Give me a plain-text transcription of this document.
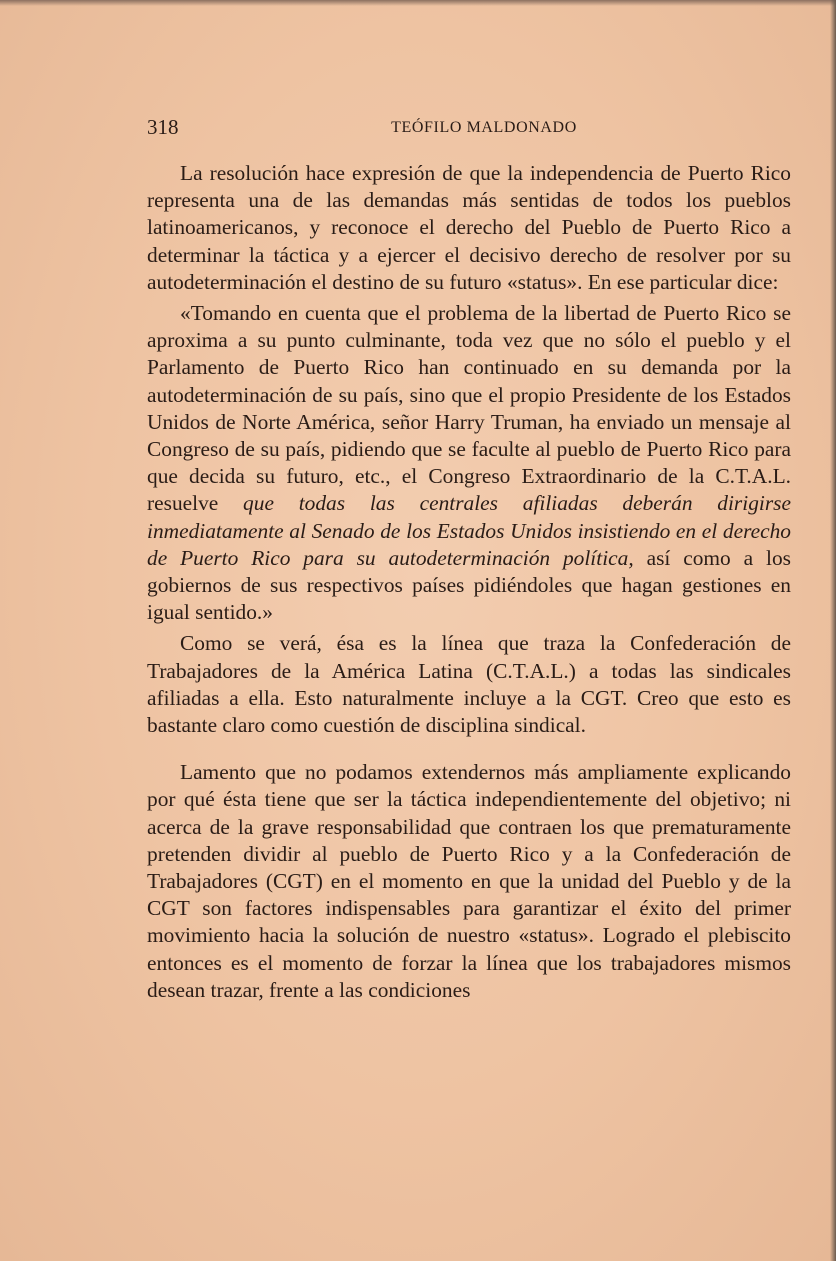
318	TEÓFILO MALDONADO

La resolución hace expresión de que la independencia de Puerto Rico representa una de las demandas más sentidas de todos los pueblos latinoamericanos, y reconoce el derecho del Pueblo de Puerto Rico a determinar la táctica y a ejercer el decisivo derecho de resolver por su autodeterminación el destino de su futuro «status». En ese particular dice:

«Tomando en cuenta que el problema de la libertad de Puerto Rico se aproxima a su punto culminante, toda vez que no sólo el pueblo y el Parlamento de Puerto Rico han continuado en su demanda por la autodeterminación de su país, sino que el propio Presidente de los Estados Unidos de Norte América, señor Harry Truman, ha enviado un mensaje al Congreso de su país, pidiendo que se faculte al pueblo de Puerto Rico para que decida su futuro, etc., el Congreso Extraordinario de la C.T.A.L. resuelve que todas las centrales afiliadas deberán dirigirse inmediatamente al Senado de los Estados Unidos insistiendo en el derecho de Puerto Rico para su autodeterminación política, así como a los gobiernos de sus respectivos países pidiéndoles que hagan gestiones en igual sentido.»

Como se verá, ésa es la línea que traza la Confederación de Trabajadores de la América Latina (C.T.A.L.) a todas las sindicales afiliadas a ella. Esto naturalmente incluye a la CGT. Creo que esto es bastante claro como cuestión de disciplina sindical.

Lamento que no podamos extendernos más ampliamente explicando por qué ésta tiene que ser la táctica independientemente del objetivo; ni acerca de la grave responsabilidad que contraen los que prematuramente pretenden dividir al pueblo de Puerto Rico y a la Confederación de Trabajadores (CGT) en el momento en que la unidad del Pueblo y de la CGT son factores indispensables para garantizar el éxito del primer movimiento hacia la solución de nuestro «status». Logrado el plebiscito entonces es el momento de forzar la línea que los trabajadores mismos desean trazar, frente a las condiciones
